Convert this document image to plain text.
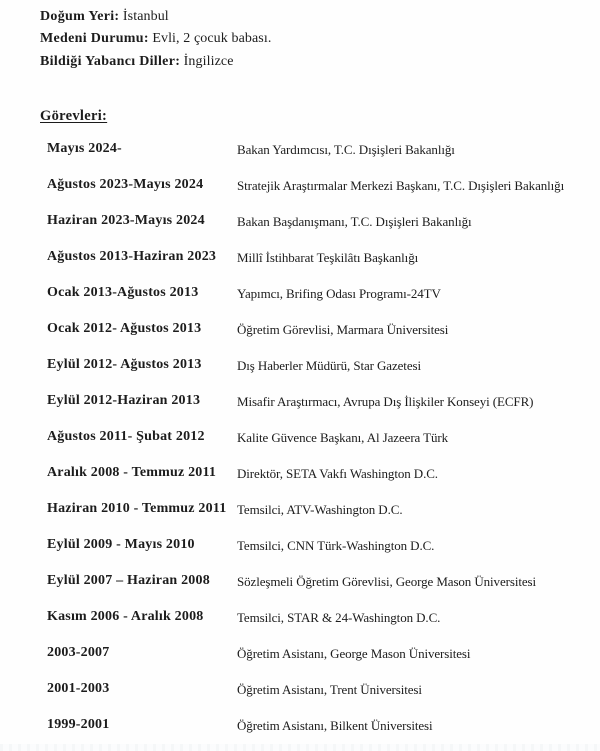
Doğum Yeri: İstanbul
Medeni Durumu: Evli, 2 çocuk babası.
Bildiği Yabancı Diller: İngilizce
Görevleri:
Mayıs 2024-	Bakan Yardımcısı, T.C. Dışişleri Bakanlığı
Ağustos 2023-Mayıs 2024	Stratejik Araştırmalar Merkezi Başkanı, T.C. Dışişleri Bakanlığı
Haziran 2023-Mayıs 2024	Bakan Başdanışmanı, T.C. Dışişleri Bakanlığı
Ağustos 2013-Haziran 2023	Millî İstihbarat Teşkilâtı Başkanlığı
Ocak 2013-Ağustos 2013	Yapımcı, Brifing Odası Programı-24TV
Ocak 2012- Ağustos 2013	Öğretim Görevlisi, Marmara Üniversitesi
Eylül 2012- Ağustos 2013	Dış Haberler Müdürü, Star Gazetesi
Eylül 2012-Haziran 2013	Misafir Araştırmacı, Avrupa Dış İlişkiler Konseyi (ECFR)
Ağustos 2011- Şubat 2012	Kalite Güvence Başkanı, Al Jazeera Türk
Aralık 2008 - Temmuz 2011	Direktör, SETA Vakfı Washington D.C.
Haziran 2010 - Temmuz 2011 Temsilci, ATV-Washington D.C.
Eylül 2009 - Mayıs 2010	Temsilci, CNN Türk-Washington D.C.
Eylül 2007 – Haziran 2008	Sözleşmeli Öğretim Görevlisi, George Mason Üniversitesi
Kasım 2006 - Aralık 2008	Temsilci, STAR & 24-Washington D.C.
2003-2007	Öğretim Asistanı, George Mason Üniversitesi
2001-2003	Öğretim Asistanı, Trent Üniversitesi
1999-2001	Öğretim Asistanı, Bilkent Üniversitesi
